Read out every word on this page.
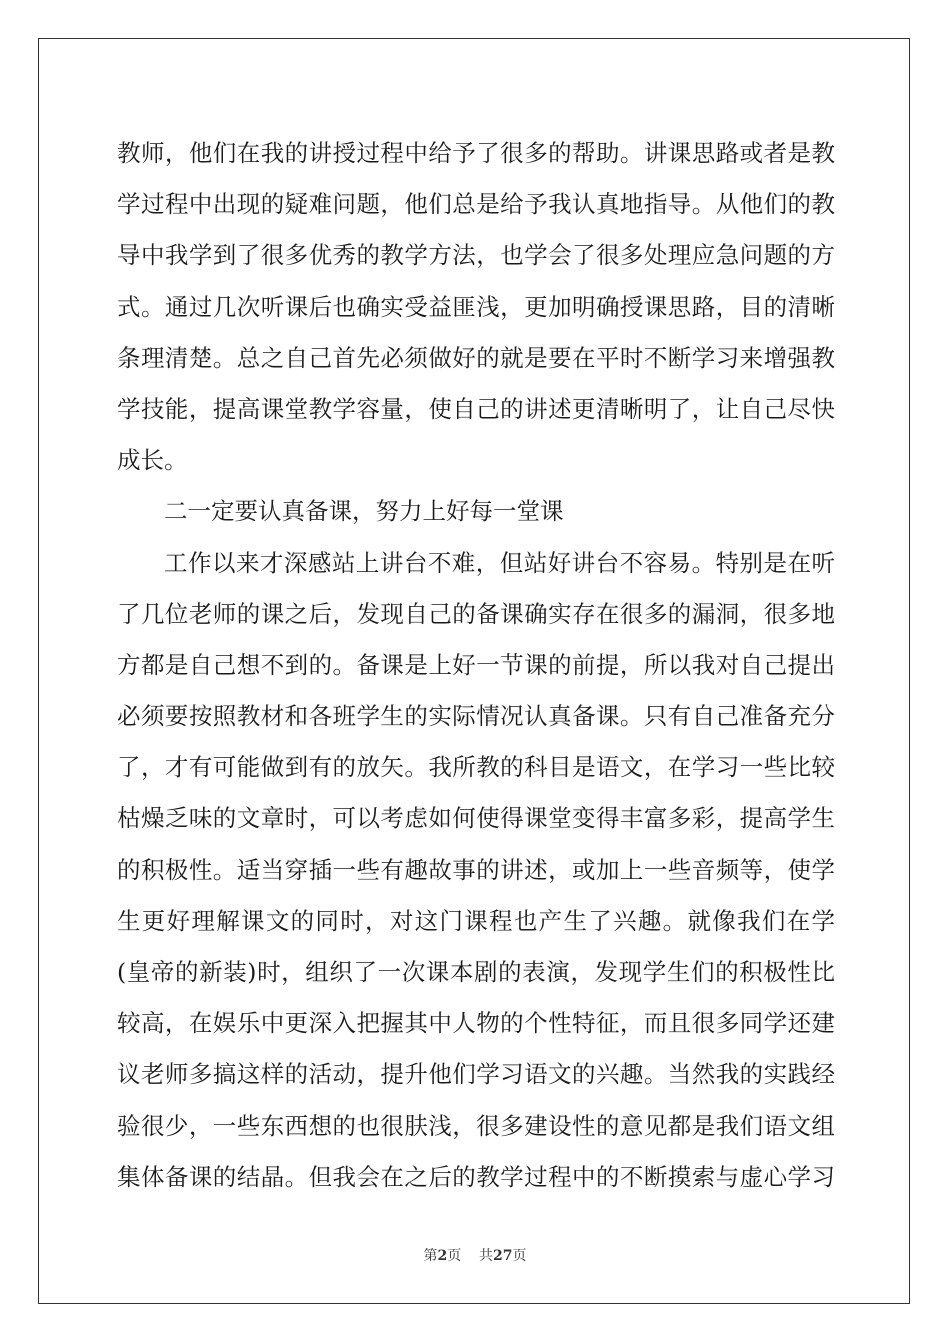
教师，他们在我的讲授过程中给予了很多的帮助。讲课思路或者是教
学过程中出现的疑难问题，他们总是给予我认真地指导。从他们的教
导中我学到了很多优秀的教学方法，也学会了很多处理应急问题的方
式。通过几次听课后也确实受益匪浅，更加明确授课思路，目的清晰
条理清楚。总之自己首先必须做好的就是要在平时不断学习来增强教
学技能，提高课堂教学容量，使自己的讲述更清晰明了，让自己尽快
成长。
二一定要认真备课，努力上好每一堂课
工作以来才深感站上讲台不难，但站好讲台不容易。特别是在听
了几位老师的课之后，发现自己的备课确实存在很多的漏洞，很多地
方都是自己想不到的。备课是上好一节课的前提，所以我对自己提出
必须要按照教材和各班学生的实际情况认真备课。只有自己准备充分
了，才有可能做到有的放矢。我所教的科目是语文，在学习一些比较
枯燥乏味的文章时，可以考虑如何使得课堂变得丰富多彩，提高学生
的积极性。适当穿插一些有趣故事的讲述，或加上一些音频等，使学
生更好理解课文的同时，对这门课程也产生了兴趣。就像我们在学
(皇帝的新装)时，组织了一次课本剧的表演，发现学生们的积极性比
较高，在娱乐中更深入把握其中人物的个性特征，而且很多同学还建
议老师多搞这样的活动，提升他们学习语文的兴趣。当然我的实践经
验很少，一些东西想的也很肤浅，很多建设性的意见都是我们语文组
集体备课的结晶。但我会在之后的教学过程中的不断摸索与虚心学习
第2页 共27页
